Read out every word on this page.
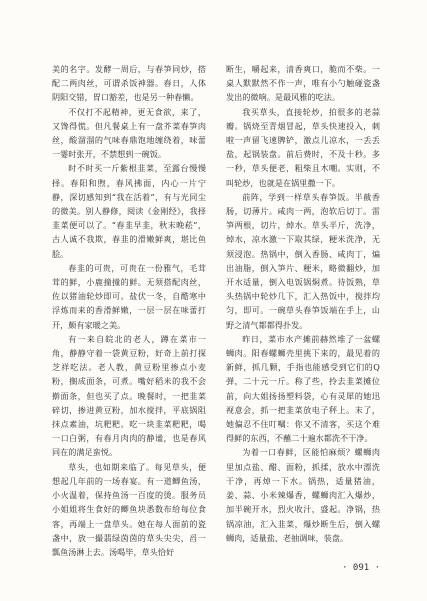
美的名字。发酵一周后，与春笋同炒，搭配二两肉丝，可谓杀饭神器。春日，人体阴阳交错，胃口豁差，也是另一种春懒。

不仅打不起精神，更无食欲，来了，又馋得慌。但凡餐桌上有一盘芥菜春笋肉丝，酸溜溜的气味春鼎饱地缠绕着，味蕾一霎时张开，不禁想到一碗饭。

时不时买一斤紫根韭菜，至露台慢慢择。春阳和煦，春风拂面，内心一片宁静，深切感知到“我在活着”，有与光同尘的微美。别人静修，阅读《金刚经》，我择韭菜便可以了。“春韭早韭，秋末晚菘”，古人诚不我欺，春韭的滑嫩鲜爽，堪比鱼脍。

春韭的可贵，可贵在一份雅气，毛茸茸的鲜，小鹿撞撞的鲜。无须搭配肉丝，佐以猪油轮炒即可。盐伏一冬，自酷寒中浮炼而来的香滑鲜嫩，一层一层在味蕾打开，颇有家暖之美。

有一来自皖北的老人，蹲在菜市一角，静静守着一袋黄豆粉，好奇上前打探芝祥吃法。老人教，黄豆粉里掺点小麦粉，搁成面条，可煮。嘴好稻米的我不会擀面条，但也买了点。晚餐时，一把韭菜碎切，掺进黄豆粉，加水搅拌，平底锅阻抹点素油，坑粑粑。吃一块韭菜粑粑，喝一口白粥，有春月肉肉的静谧，也是春风同在的满足蛮悦。

草头，也如期来临了。每见草头，便想起几年前的一场春宴。有一道鲫鱼汤，小火温着，保持鱼汤一百度的烫。服务员小姐姐将生食好的鲫鱼块悉数布给每位食客，再端上一盘草头。她在每人面前的瓷盏中，放一撮翡绿茵茵的草头尖尖，舀一瓢鱼汤淋上去。汤喝毕，草头恰好

断生，嚼起来，清香爽口，脆而不柴。一桌人默默然不作一声，唯有小勺触碰瓷盏发出的微响。是最风雅的吃法。

我买草头，直接轮炒，拍很多的老蒜瓣。锅烧至青烟冒起，草头快速投入，刺啦一声留飞速脾铲，激点儿凉水，一丢丢盐，起锅装盘。前后费时，不及十秒。多一秒，草头便老，粗柴且木嘲。实则，不叫轮炒，也就是在锅里撒一下。

前阵，学到一样草头春笋饭。半截香肠，切薄片。咸肉一两，泡软后切丁。雷笋两根，切片，焯水。草头半斤，洗净，焯水，凉水激一下取其绿，粳米洗净，无须浸泡。热锅中，倒入香肠、咸肉丁，煸出油脂，倒入笋片、粳米，略微翻炒，加开水适量，倒入电饭锅焖煮。待饭熟，草头热锅中轮炒几下，汇入热饭中，搅拌均匀，即可。一碗草头春笋饭端在手上，山野之清气都都得扑发。

昨日，菜市水产摊前赫然堆了一盆螺蛳肉。阳春螺蛳壳里挑下来的，最见着的新鲜，抓几颗，手指也能感受到它们的Q弹，二十元一斤。称了些，拎去韭菜摊位前，向大姐扬扬塑料袋，心有灵犀的她迅视意会，抓一把韭菜放电子秤上。末了，她偏忍不住叮嘱：你又不清客，买这个难得鲜的东西，不蘸二十遍水都洗不干净。

为着一口春鲜，区能怕麻烦？螺蛳肉里加点盐、醋、面粉，抓揉，放水中漂洗干净，再焯一下水。锅热，适量猪油，姜、蒜、小米辣爆香，螺蛳肉汇入爆炒，加半碗开水，烈火收汁，盛起。净锅，热锅凉油，汇入韭菜，爆炒断生后，倒入螺蛳肉，适量盐、老抽调味，装盘。

· 091 ·
